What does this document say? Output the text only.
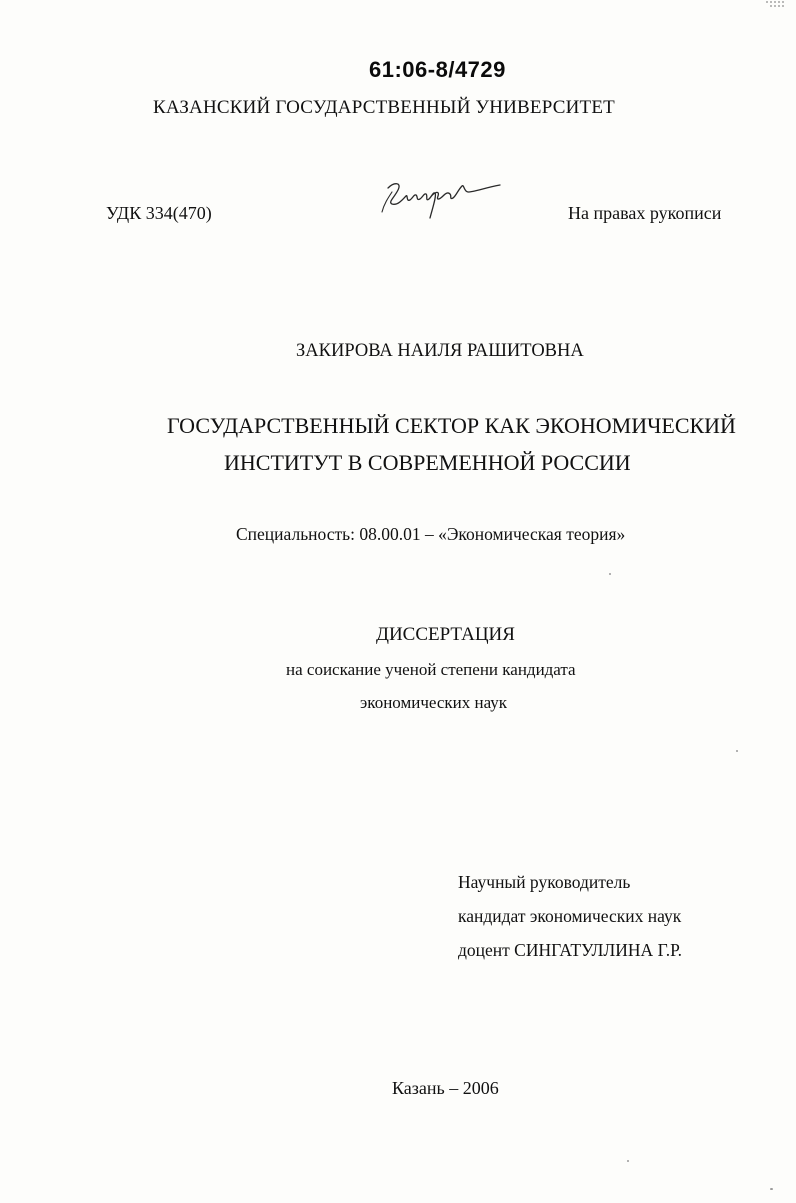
61:06-8/4729
КАЗАНСКИЙ ГОСУДАРСТВЕННЫЙ УНИВЕРСИТЕТ
УДК 334(470)	На правах рукописи
ЗАКИРОВА НАИЛЯ РАШИТОВНА
ГОСУДАРСТВЕННЫЙ СЕКТОР КАК ЭКОНОМИЧЕСКИЙ
ИНСТИТУТ В СОВРЕМЕННОЙ РОССИИ
Специальность: 08.00.01 – «Экономическая теория»
ДИССЕРТАЦИЯ
на соискание ученой степени кандидата
экономических наук
Научный руководитель
кандидат экономических наук
доцент СИНГАТУЛЛИНА Г.Р.
Казань – 2006
